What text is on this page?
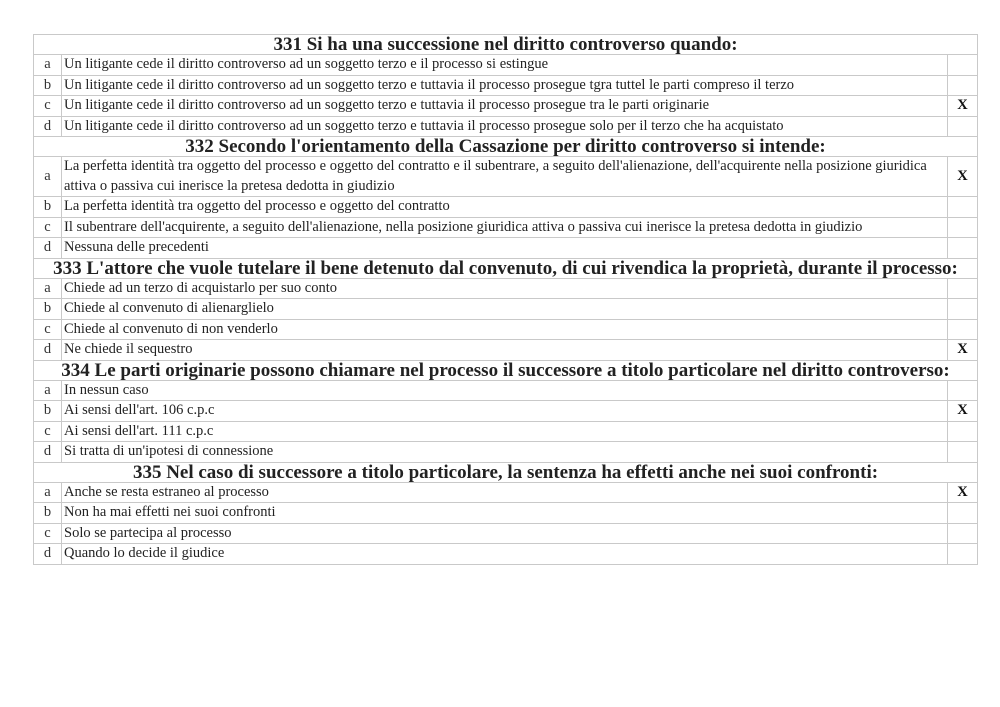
331 Si ha una successione nel diritto controverso quando:		
a	Un litigante cede il diritto controverso ad un soggetto terzo e il processo si estingue	
b	Un litigante cede il diritto controverso ad un soggetto terzo e tuttavia il processo prosegue tgra tuttel le parti compreso il terzo	
c	Un litigante cede il diritto controverso ad un soggetto terzo e tuttavia il processo prosegue tra le parti originarie	X
d	Un litigante cede il diritto controverso ad un soggetto terzo e tuttavia il processo prosegue solo per il terzo che ha acquistato	
332 Secondo l'orientamento della Cassazione per diritto controverso si intende:		
a	La perfetta identità tra oggetto del processo e oggetto del contratto e il subentrare, a seguito dell'alienazione, dell'acquirente nella posizione giuridica attiva o passiva cui inerisce la pretesa dedotta in giudizio	X
b	La perfetta identità tra oggetto del processo e oggetto del contratto	
c	Il subentrare dell'acquirente, a seguito dell'alienazione, nella posizione giuridica attiva o passiva cui inerisce la pretesa dedotta in giudizio	
d	Nessuna delle precedenti	
333 L'attore che vuole tutelare il bene detenuto dal convenuto, di cui rivendica la proprietà, durante il processo:		
a	Chiede ad un terzo di acquistarlo per suo conto	
b	Chiede al convenuto di alienarglielo	
c	Chiede al convenuto di non venderlo	
d	Ne chiede il sequestro	X
334 Le parti originarie possono chiamare nel processo il successore a titolo particolare nel diritto controverso:		
a	In nessun caso	
b	Ai sensi dell'art. 106 c.p.c	X
c	Ai sensi dell'art. 111 c.p.c	
d	Si tratta di un'ipotesi di connessione	
335 Nel caso di successore a titolo particolare, la sentenza ha effetti anche nei suoi confronti:		
a	Anche se resta estraneo al processo	X
b	Non ha mai effetti nei suoi confronti	
c	Solo se partecipa al processo	
d	Quando lo decide il giudice	
